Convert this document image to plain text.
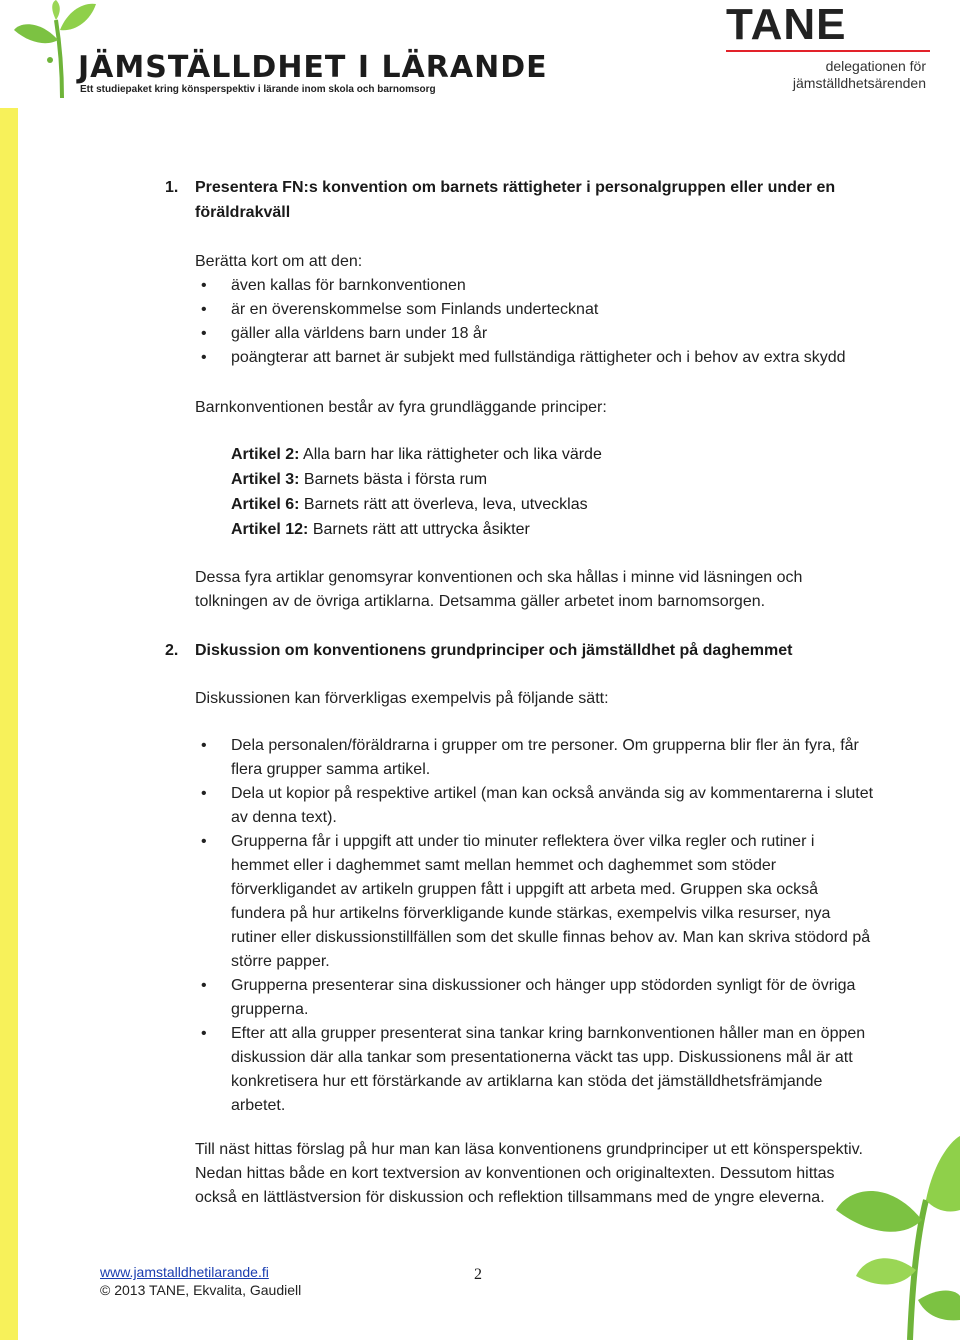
JÄMSTÄLLDHET I LÄRANDE
Ett studiepaket kring könsperspektiv i lärande inom skola och barnomsorg
TANE
delegationen för
jämställdhetsärenden
1. Presentera FN:s konvention om barnets rättigheter i personalgruppen eller under en föräldrakväll
Berätta kort om att den:
• även kallas för barnkonventionen
• är en överenskommelse som Finlands undertecknat
• gäller alla världens barn under 18 år
• poängterar att barnet är subjekt med fullständiga rättigheter och i behov av extra skydd
Barnkonventionen består av fyra grundläggande principer:
Artikel 2: Alla barn har lika rättigheter och lika värde
Artikel 3: Barnets bästa i första rum
Artikel 6: Barnets rätt att överleva, leva, utvecklas
Artikel 12: Barnets rätt att uttrycka åsikter
Dessa fyra artiklar genomsyrar konventionen och ska hållas i minne vid läsningen och tolkningen av de övriga artiklarna. Detsamma gäller arbetet inom barnomsorgen.
2. Diskussion om konventionens grundprinciper och jämställdhet på daghemmet
Diskussionen kan förverkligas exempelvis på följande sätt:
• Dela personalen/föräldrarna i grupper om tre personer. Om grupperna blir fler än fyra, får flera grupper samma artikel.
• Dela ut kopior på respektive artikel (man kan också använda sig av kommentarerna i slutet av denna text).
• Grupperna får i uppgift att under tio minuter reflektera över vilka regler och rutiner i hemmet eller i daghemmet samt mellan hemmet och daghemmet som stöder förverkligandet av artikeln gruppen fått i uppgift att arbeta med. Gruppen ska också fundera på hur artikelns förverkligande kunde stärkas, exempelvis vilka resurser, nya rutiner eller diskussionstillfällen som det skulle finnas behov av. Man kan skriva stödord på större papper.
• Grupperna presenterar sina diskussioner och hänger upp stödorden synligt för de övriga grupperna.
• Efter att alla grupper presenterat sina tankar kring barnkonventionen håller man en öppen diskussion där alla tankar som presentationerna väckt tas upp. Diskussionens mål är att konkretisera hur ett förstärkande av artiklarna kan stöda det jämställdhetsfrämjande arbetet.
Till näst hittas förslag på hur man kan läsa konventionens grundprinciper ut ett könsperspektiv. Nedan hittas både en kort textversion av konventionen och originaltexten. Dessutom hittas också en lättlästversion för diskussion och reflektion tillsammans med de yngre eleverna.
www.jamstalldhetilarande.fi
© 2013 TANE, Ekvalita, Gaudiell
2
